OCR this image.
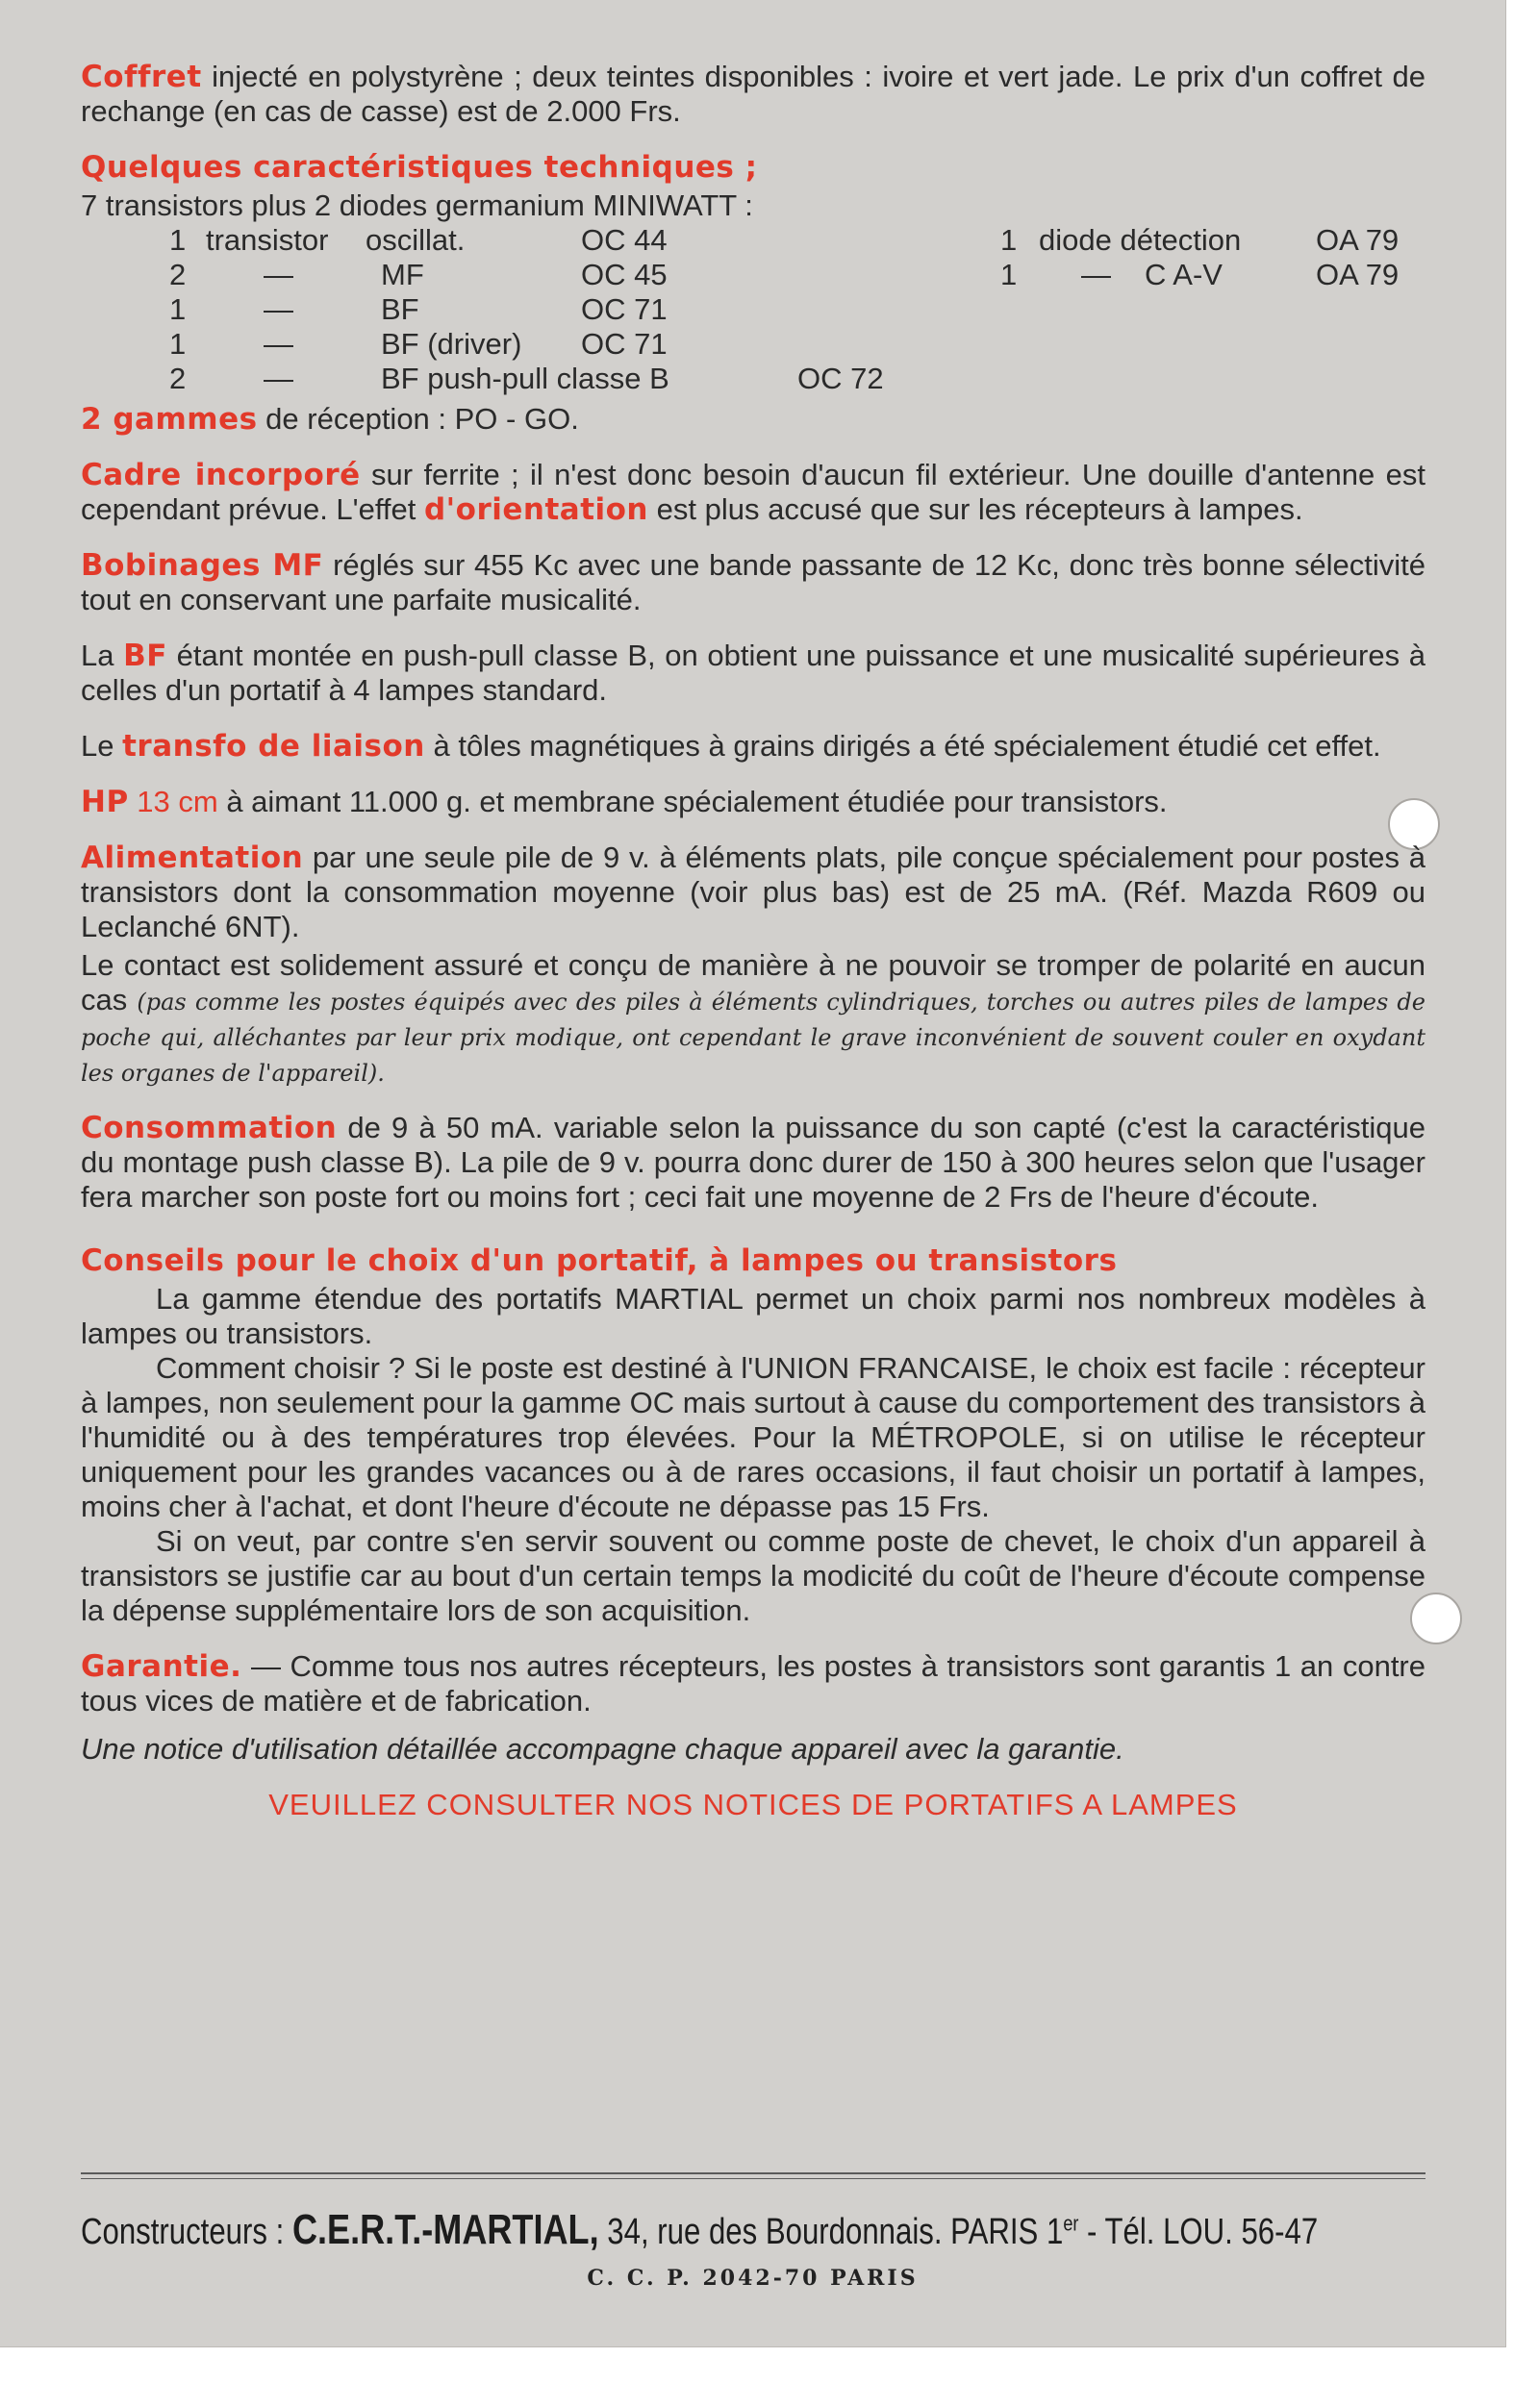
Coffret injecté en polystyrène ; deux teintes disponibles : ivoire et vert jade. Le prix d'un coffret de rechange (en cas de casse) est de 2.000 Frs.

Quelques caractéristiques techniques ;

7 transistors plus 2 diodes germanium MINIWATT :

1 transistor oscillat.	OC 44
2	—	MF	OC 45
1	—	BF	OC 71
1	—	BF (driver) OC 71
2	—	BF push-pull classe B	OC 72
1 diode détection	OA 79
1 — C A-V	OA 79

2 gammes de réception : PO - GO.

Cadre incorporé sur ferrite ; il n'est donc besoin d'aucun fil extérieur. Une douille d'antenne est cependant prévue. L'effet d'orientation est plus accusé que sur les récepteurs à lampes.

Bobinages MF réglés sur 455 Kc avec une bande passante de 12 Kc, donc très bonne sélectivité tout en conservant une parfaite musicalité.

La BF étant montée en push-pull classe B, on obtient une puissance et une musicalité supérieures à celles d'un portatif à 4 lampes standard.

Le transfo de liaison à tôles magnétiques à grains dirigés a été spécialement étudié cet effet.

HP 13 cm à aimant 11.000 g. et membrane spécialement étudiée pour transistors.

Alimentation par une seule pile de 9 v. à éléments plats, pile conçue spécialement pour postes à transistors dont la consommation moyenne (voir plus bas) est de 25 mA. (Réf. Mazda R609 ou Leclanché 6NT).

Le contact est solidement assuré et conçu de manière à ne pouvoir se tromper de polarité en aucun cas (pas comme les postes équipés avec des piles à éléments cylindriques, torches ou autres piles de lampes de poche qui, alléchantes par leur prix modique, ont cependant le grave inconvénient de souvent couler en oxydant les organes de l'appareil).

Consommation de 9 à 50 mA. variable selon la puissance du son capté (c'est la caractéristique du montage push classe B). La pile de 9 v. pourra donc durer de 150 à 300 heures selon que l'usager fera marcher son poste fort ou moins fort ; ceci fait une moyenne de 2 Frs de l'heure d'écoute.

Conseils pour le choix d'un portatif, à lampes ou transistors

La gamme étendue des portatifs MARTIAL permet un choix parmi nos nombreux modèles à lampes ou transistors.

Comment choisir ? Si le poste est destiné à l'UNION FRANCAISE, le choix est facile : récepteur à lampes, non seulement pour la gamme OC mais surtout à cause du comportement des transistors à l'humidité ou à des températures trop élevées. Pour la MÉTROPOLE, si on utilise le récepteur uniquement pour les grandes vacances ou à de rares occasions, il faut choisir un portatif à lampes, moins cher à l'achat, et dont l'heure d'écoute ne dépasse pas 15 Frs.

Si on veut, par contre s'en servir souvent ou comme poste de chevet, le choix d'un appareil à transistors se justifie car au bout d'un certain temps la modicité du coût de l'heure d'écoute compense la dépense supplémentaire lors de son acquisition.

Garantie. — Comme tous nos autres récepteurs, les postes à transistors sont garantis 1 an contre tous vices de matière et de fabrication.

Une notice d'utilisation détaillée accompagne chaque appareil avec la garantie.

VEUILLEZ CONSULTER NOS NOTICES DE PORTATIFS A LAMPES

Constructeurs : C.E.R.T.-MARTIAL, 34, rue des Bourdonnais. PARIS 1er - Tél. LOU. 56-47
C. C. P. 2042-70 PARIS
